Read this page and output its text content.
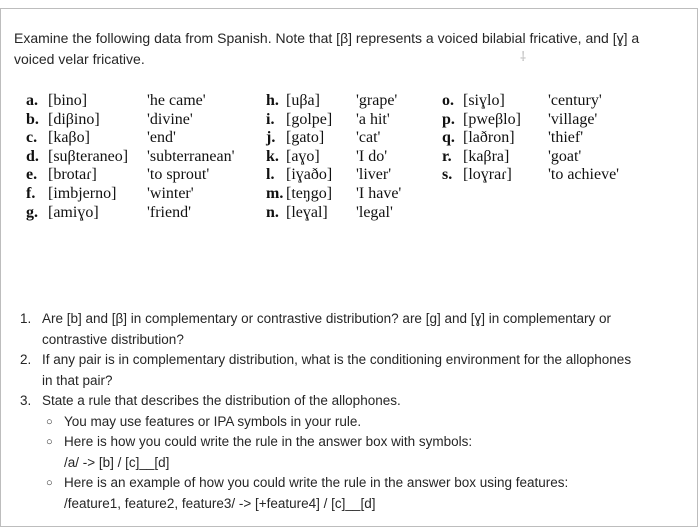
Examine the following data from Spanish. Note that [β] represents a voiced bilabial fricative, and [ɣ] a
voiced velar fricative.	⸸
a. [bino]	'he came'
b. [diβino]	'divine'
c. [kaβo]	'end'
d. [suβteraneo] 'subterranean'
e. [brotaɾ]	'to sprout'
f. [imbjerno] 'winter'
g. [amiɣo]	'friend'
h. [uβa] 'grape'
i. [golpe] 'a hit'
j. [gato] 'cat'
k. [aɣo] 'I do'
l. [iɣaðo] 'liver'
m. [teŋgo] 'I have'
n. [leɣal] 'legal'
o. [siɣlo]	'century'
p. [pweβlo] 'village'
q. [laðron] 'thief'
r. [kaβra] 'goat'
s. [loɣraɾ] 'to achieve'
1. Are [b] and [β] in complementary or contrastive distribution? are [g] and [ɣ] in complementary or
contrastive distribution?
2. If any pair is in complementary distribution, what is the conditioning environment for the allophones
in that pair?
3. State a rule that describes the distribution of the allophones.
○ You may use features or IPA symbols in your rule.
○ Here is how you could write the rule in the answer box with symbols:
/a/ -> [b] / [c]__[d]
○ Here is an example of how you could write the rule in the answer box using features:
/feature1, feature2, feature3/ -> [+feature4] / [c]__[d]
